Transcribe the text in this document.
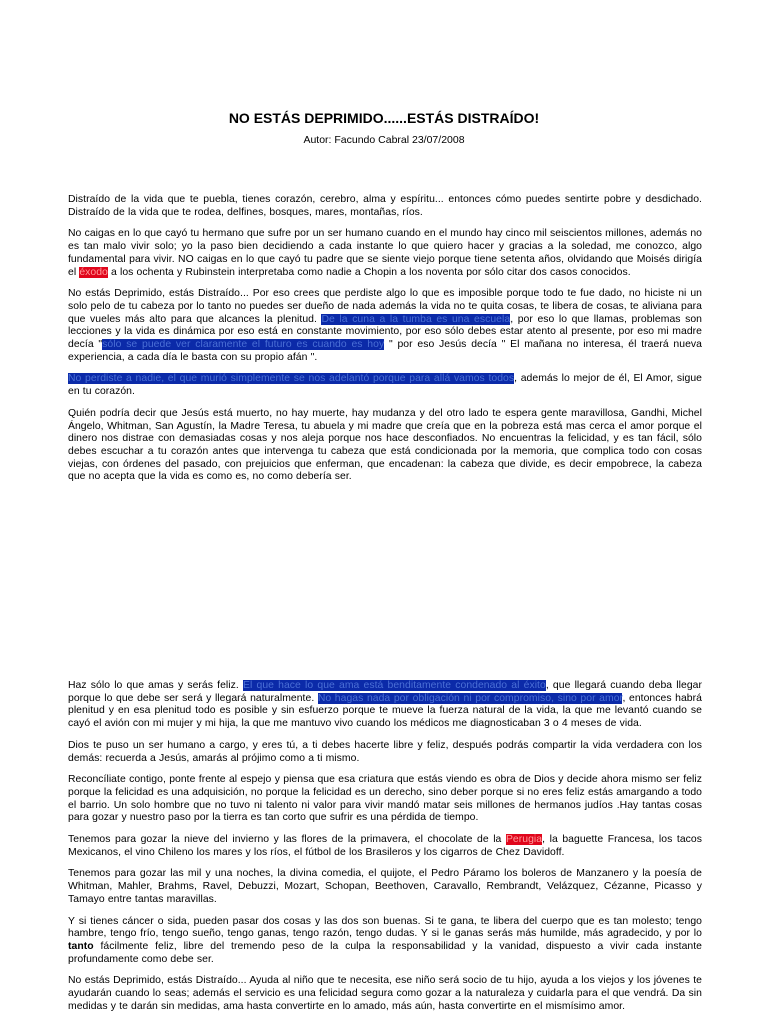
NO ESTÁS DEPRIMIDO......ESTÁS DISTRAÍDO!
Autor: Facundo Cabral 23/07/2008

Distraído de la vida que te puebla, tienes corazón, cerebro, alma y espíritu... entonces cómo puedes sentirte pobre y desdichado. Distraído de la vida que te rodea, delfines, bosques, mares, montañas, ríos.

No caigas en lo que cayó tu hermano que sufre por un ser humano cuando en el mundo hay cinco mil seiscientos millones, además no es tan malo vivir solo; yo la paso bien decidiendo a cada instante lo que quiero hacer y gracias a la soledad, me conozco, algo fundamental para vivir. NO caigas en lo que cayó tu padre que se siente viejo porque tiene setenta años, olvidando que Moisés dirigía el éxodo a los ochenta y Rubinstein interpretaba como nadie a Chopin a los noventa por sólo citar dos casos conocidos.

No estás Deprimido, estás Distraído... Por eso crees que perdiste algo lo que es imposible porque todo te fue dado, no hiciste ni un solo pelo de tu cabeza por lo tanto no puedes ser dueño de nada además la vida no te quita cosas, te libera de cosas, te aliviana para que vueles más alto para que alcances la plenitud. De la cuna a la tumba es una escuela, por eso lo que llamas, problemas son lecciones y la vida es dinámica por eso está en constante movimiento, por eso sólo debes estar atento al presente, por eso mi madre decía "sólo se puede ver claramente el futuro es cuando es hoy " por eso Jesús decía " El mañana no interesa, él traerá nueva experiencia, a cada día le basta con su propio afán ".

No perdiste a nadie, el que murió simplemente se nos adelantó porque para allá vamos todos, además lo mejor de él, El Amor, sigue en tu corazón.

Quién podría decir que Jesús está muerto, no hay muerte, hay mudanza y del otro lado te espera gente maravillosa, Gandhi, Michel Ángelo, Whitman, San Agustín, la Madre Teresa, tu abuela y mi madre que creía que en la pobreza está mas cerca el amor porque el dinero nos distrae con demasiadas cosas y nos aleja porque nos hace desconfiados. No encuentras la felicidad, y es tan fácil, sólo debes escuchar a tu corazón antes que intervenga tu cabeza que está condicionada por la memoria, que complica todo con cosas viejas, con órdenes del pasado, con prejuicios que enferman, que encadenan: la cabeza que divide, es decir empobrece, la cabeza que no acepta que la vida es como es, no como debería ser.

Haz sólo lo que amas y serás feliz. El que hace lo que ama está benditamente condenado al éxito, que llegará cuando deba llegar porque lo que debe ser será y llegará naturalmente. No hagas nada por obligación ni por compromiso, sino por amor, entonces habrá plenitud y en esa plenitud todo es posible y sin esfuerzo porque te mueve la fuerza natural de la vida, la que me levantó cuando se cayó el avión con mi mujer y mi hija, la que me mantuvo vivo cuando los médicos me diagnosticaban 3 o 4 meses de vida.

Dios te puso un ser humano a cargo, y eres tú, a ti debes hacerte libre y feliz, después podrás compartir la vida verdadera con los demás: recuerda a Jesús, amarás al prójimo como a ti mismo.

Reconcíliate contigo, ponte frente al espejo y piensa que esa criatura que estás viendo es obra de Dios y decide ahora mismo ser feliz porque la felicidad es una adquisición, no porque la felicidad es un derecho, sino deber porque si no eres feliz estás amargando a todo el barrio. Un solo hombre que no tuvo ni talento ni valor para vivir mandó matar seis millones de hermanos judíos .Hay tantas cosas para gozar y nuestro paso por la tierra es tan corto que sufrir es una pérdida de tiempo.

Tenemos para gozar la nieve del invierno y las flores de la primavera, el chocolate de la Perugia, la baguette Francesa, los tacos Mexicanos, el vino Chileno los mares y los ríos, el fútbol de los Brasileros y los cigarros de Chez Davidoff.

Tenemos para gozar las mil y una noches, la divina comedia, el quijote, el Pedro Páramo los boleros de Manzanero y la poesía de Whitman, Mahler, Brahms, Ravel, Debuzzi, Mozart, Schopan, Beethoven, Caravallo, Rembrandt, Velázquez, Cézanne, Picasso y Tamayo entre tantas maravillas.

Y si tienes cáncer o sida, pueden pasar dos cosas y las dos son buenas. Si te gana, te libera del cuerpo que es tan molesto; tengo hambre, tengo frío, tengo sueño, tengo ganas, tengo razón, tengo dudas. Y si le ganas serás más humilde, más agradecido, y por lo tanto fácilmente feliz, libre del tremendo peso de la culpa la responsabilidad y la vanidad, dispuesto a vivir cada instante profundamente como debe ser.

No estás Deprimido, estás Distraído... Ayuda al niño que te necesita, ese niño será socio de tu hijo, ayuda a los viejos y los jóvenes te ayudarán cuando lo seas; además el servicio es una felicidad segura como gozar a la naturaleza y cuidarla para el que vendrá. Da sin medidas y te darán sin medidas, ama hasta convertirte en lo amado, más aún, hasta convertirte en el mismísimo amor.
